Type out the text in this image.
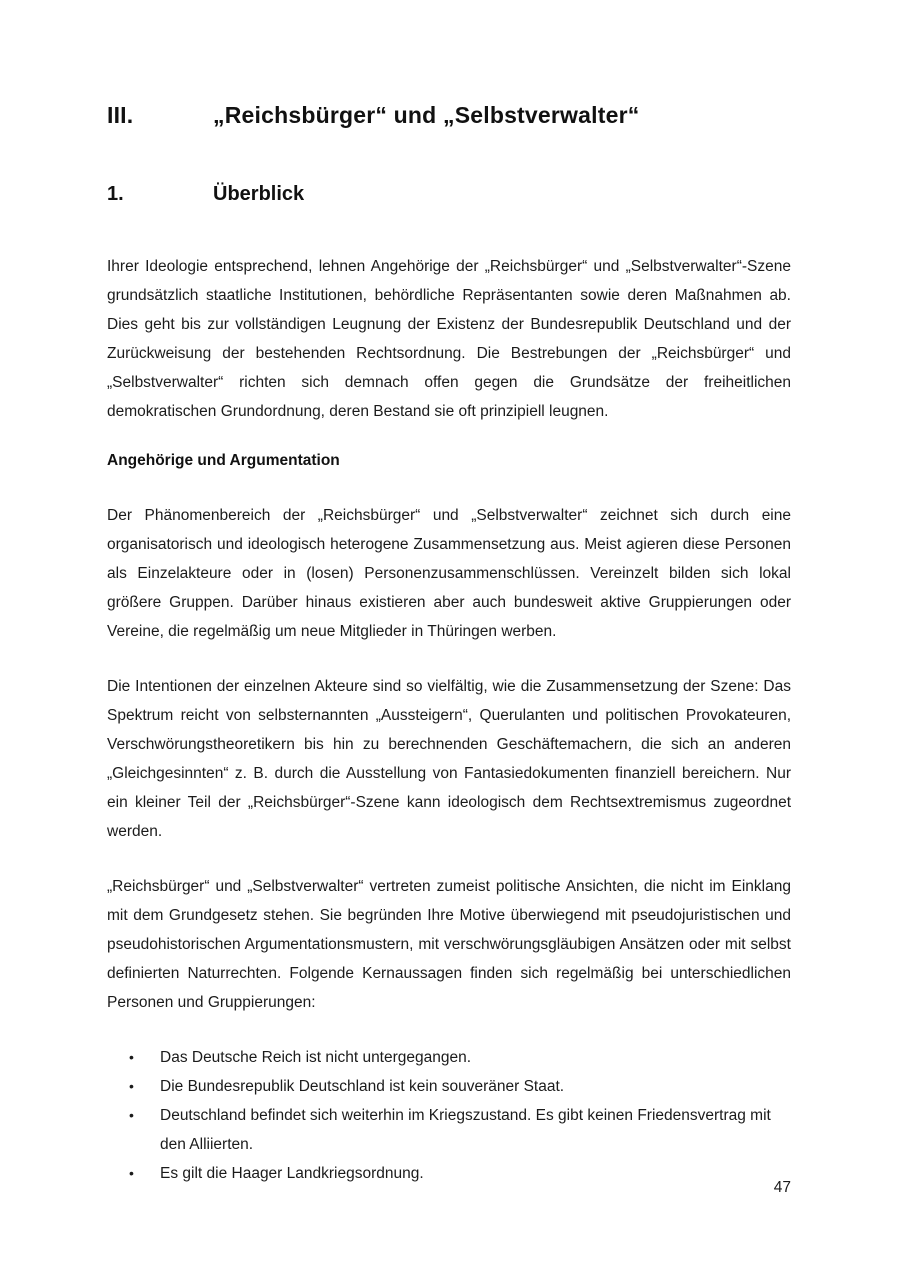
III.	„Reichsbürger“ und „Selbstverwalter“
1.	Überblick

Ihrer Ideologie entsprechend, lehnen Angehörige der „Reichsbürger“ und „Selbstverwalter“-Szene grundsätzlich staatliche Institutionen, behördliche Repräsentanten sowie deren Maßnahmen ab. Dies geht bis zur vollständigen Leugnung der Existenz der Bundesrepublik Deutschland und der Zurückweisung der bestehenden Rechtsordnung. Die Bestrebungen der „Reichsbürger“ und „Selbstverwalter“ richten sich demnach offen gegen die Grundsätze der freiheitlichen demokratischen Grundordnung, deren Bestand sie oft prinzipiell leugnen.

Angehörige und Argumentation

Der Phänomenbereich der „Reichsbürger“ und „Selbstverwalter“ zeichnet sich durch eine organisatorisch und ideologisch heterogene Zusammensetzung aus. Meist agieren diese Personen als Einzelakteure oder in (losen) Personenzusammenschlüssen. Vereinzelt bilden sich lokal größere Gruppen. Darüber hinaus existieren aber auch bundesweit aktive Gruppierungen oder Vereine, die regelmäßig um neue Mitglieder in Thüringen werben.

Die Intentionen der einzelnen Akteure sind so vielfältig, wie die Zusammensetzung der Szene: Das Spektrum reicht von selbsternannten „Aussteigern“, Querulanten und politischen Provokateuren, Verschwörungstheoretikern bis hin zu berechnenden Geschäftemachern, die sich an anderen „Gleichgesinnten“ z. B. durch die Ausstellung von Fantasiedokumenten finanziell bereichern. Nur ein kleiner Teil der „Reichsbürger“-Szene kann ideologisch dem Rechtsextremismus zugeordnet werden.

„Reichsbürger“ und „Selbstverwalter“ vertreten zumeist politische Ansichten, die nicht im Einklang mit dem Grundgesetz stehen. Sie begründen Ihre Motive überwiegend mit pseudojuristischen und pseudohistorischen Argumentationsmustern, mit verschwörungsgläubigen Ansätzen oder mit selbst definierten Naturrechten. Folgende Kernaussagen finden sich regelmäßig bei unterschiedlichen Personen und Gruppierungen:

•	Das Deutsche Reich ist nicht untergegangen.
•	Die Bundesrepublik Deutschland ist kein souveräner Staat.
•	Deutschland befindet sich weiterhin im Kriegszustand. Es gibt keinen Friedensvertrag mit den Alliierten.
•	Es gilt die Haager Landkriegsordnung.
47
